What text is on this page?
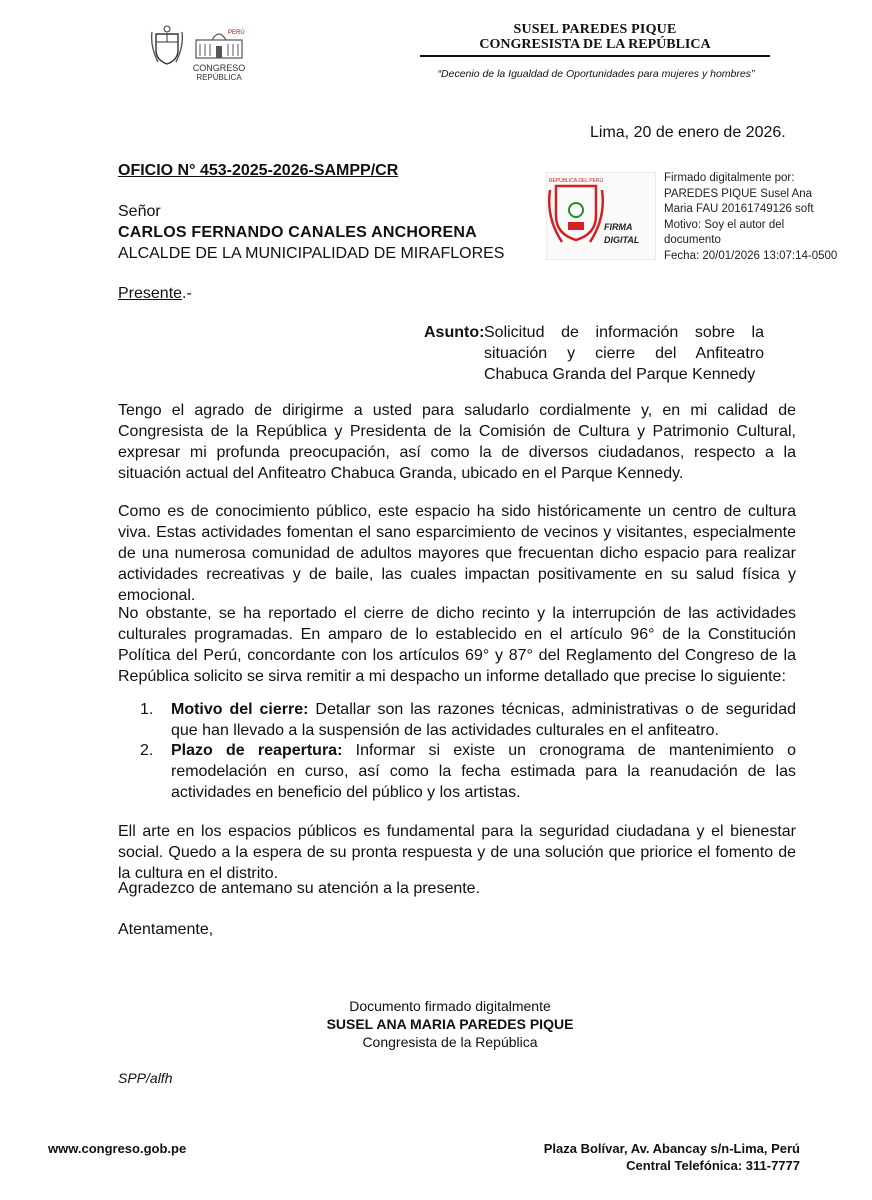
PERÚ
CONGRESO
REPÚBLICA
SUSEL PAREDES PIQUE
CONGRESISTA DE LA REPÚBLICA
“Decenio de la Igualdad de Oportunidades para mujeres y hombres”
Lima, 20 de enero de 2026.
OFICIO N° 453-2025-2026-SAMPP/CR
REPÚBLICA DEL PERÚ
FIRMA
DIGITAL
Firmado digitalmente por:
PAREDES PIQUE Susel Ana
Maria FAU 20161749126 soft
Motivo: Soy el autor del
documento
Fecha: 20/01/2026 13:07:14-0500
Señor
CARLOS FERNANDO CANALES ANCHORENA
ALCALDE DE LA MUNICIPALIDAD DE MIRAFLORES
Presente.-
Asunto: Solicitud de información sobre la situación y cierre del Anfiteatro Chabuca Granda del Parque Kennedy
Tengo el agrado de dirigirme a usted para saludarlo cordialmente y, en mi calidad de Congresista de la República y Presidenta de la Comisión de Cultura y Patrimonio Cultural, expresar mi profunda preocupación, así como la de diversos ciudadanos, respecto a la situación actual del Anfiteatro Chabuca Granda, ubicado en el Parque Kennedy.
Como es de conocimiento público, este espacio ha sido históricamente un centro de cultura viva. Estas actividades fomentan el sano esparcimiento de vecinos y visitantes, especialmente de una numerosa comunidad de adultos mayores que frecuentan dicho espacio para realizar actividades recreativas y de baile, las cuales impactan positivamente en su salud física y emocional.
No obstante, se ha reportado el cierre de dicho recinto y la interrupción de las actividades culturales programadas. En amparo de lo establecido en el artículo 96° de la Constitución Política del Perú, concordante con los artículos 69° y 87° del Reglamento del Congreso de la República solicito se sirva remitir a mi despacho un informe detallado que precise lo siguiente:
1. Motivo del cierre: Detallar son las razones técnicas, administrativas o de seguridad que han llevado a la suspensión de las actividades culturales en el anfiteatro.
2. Plazo de reapertura: Informar si existe un cronograma de mantenimiento o remodelación en curso, así como la fecha estimada para la reanudación de las actividades en beneficio del público y los artistas.
Ell arte en los espacios públicos es fundamental para la seguridad ciudadana y el bienestar social. Quedo a la espera de su pronta respuesta y de una solución que priorice el fomento de la cultura en el distrito.
Agradezco de antemano su atención a la presente.
Atentamente,
Documento firmado digitalmente
SUSEL ANA MARIA PAREDES PIQUE
Congresista de la República
SPP/alfh
www.congreso.gob.pe	Plaza Bolívar, Av. Abancay s/n-Lima, Perú
Central Telefónica: 311-7777
